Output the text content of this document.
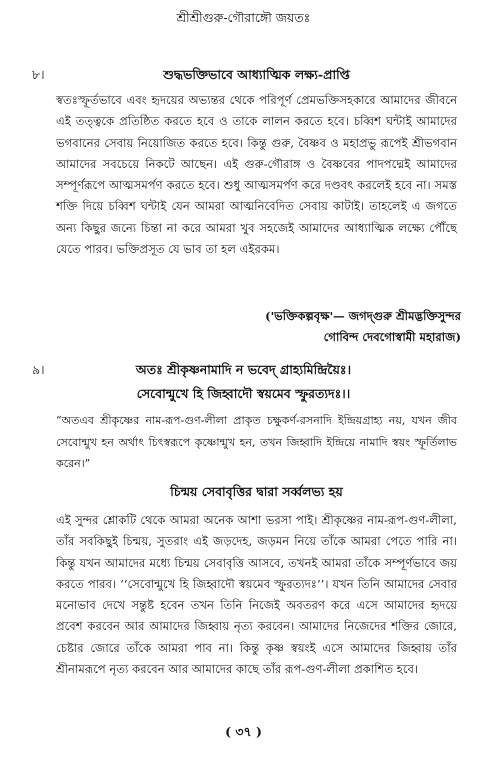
শ্রীশ্রীগুরু-গৌরাঙ্গৌ জয়তঃ
৮।	শুদ্ধভক্তিভাবে আধ্যাত্মিক লক্ষ্য-প্রাপ্তি

স্বতঃস্ফূর্তভাবে এবং হৃদয়ের অভ্যন্তর থেকে পরিপূর্ণ প্রেমভক্তিসহকারে আমাদের জীবনে এই তত্ত্বকে প্রতিষ্ঠিত করতে হবে ও তাকে লালন করতে হবে। চব্বিশ ঘন্টাই আমাদের ভগবানের সেবায় নিয়োজিত করতে হবে। কিন্তু গুরু, বৈষ্ণব ও মহাপ্রভু রূপেই শ্রীভগবান আমাদের সবচেয়ে নিকটে আছেন। এই গুরু-গৌরাঙ্গ ও বৈষ্ণবের পাদপদ্মেই আমাদের সম্পূর্ণরূপে আত্মসমর্পণ করতে হবে। শুধু আত্মসমর্পণ করে দণ্ডবৎ করলেই হবে না। সমস্ত শক্তি দিয়ে চব্বিশ ঘন্টাই যেন আমরা আত্মনিবেদিত সেবায় কাটাই। তাহলেই এ জগতে অন্য কিছুর জন্যে চিন্তা না করে আমরা খুব সহজেই আমাদের আধ্যাত্মিক লক্ষ্যে পৌঁছে যেতে পারব। ভক্তিপ্রসূত যে ভাব তা হল এইরকম।

('ভক্তিকল্পবৃক্ষ'— জগদ্গুরু শ্রীমদ্ভক্তিসুন্দর
গোবিন্দ দেবগোস্বামী মহারাজ)
৯।	অতঃ শ্রীকৃষ্ণনামাদি ন ভবেদ্ গ্রাহ্যমিন্দ্রিয়ৈঃ।
সেবোন্মুখে হি জিহ্বাদৌ স্বয়মেব স্ফুরত্যদঃ।।
“অতএব শ্রীকৃষ্ণের নাম-রূপ-গুণ-লীলা প্রাকৃত চক্ষুকর্ণ-রসনাদি ইন্দ্রিয়গ্রাহ্য নয়, যখন জীব সেবোন্মুখ হন অর্থাৎ চিৎস্বরূপে কৃষ্ণোন্মুখ হন, তখন জিহ্বাদি ইন্দ্রিয়ে নামাদি স্বয়ং স্ফূর্তিলাভ করেন।”
চিন্ময় সেবাবৃত্তির দ্বারা সর্ব্বলভ্য হয়

এই সুন্দর শ্লোকটি থেকে আমরা অনেক আশা ভরসা পাই। শ্রীকৃষ্ণের নাম-রূপ-গুণ-লীলা, তাঁর সবকিছুই চিন্ময়, সুতরাং এই জড়দেহ, জড়মন নিয়ে তাঁকে আমরা পেতে পারি না। কিন্তু যখন আমাদের মধ্যে চিন্ময় সেবাবৃত্তি আসবে, তখনই আমরা তাঁকে সম্পূর্ণভাবে জয় করতে পারব। ‘‘সেবোন্মুখে হি জিহ্বাদৌ স্বয়মেব স্ফুরত্যদঃ’’। যখন তিনি আমাদের সেবার মনোভাব দেখে সন্তুষ্ট হবেন তখন তিনি নিজেই অবতরণ করে এসে আমাদের হৃদয়ে প্রবেশ করবেন আর আমাদের জিহ্বায় নৃত্য করবেন। আমাদের নিজেদের শক্তির জোরে, চেষ্টার জোরে তাঁকে আমরা পাব না। কিন্তু কৃষ্ণ স্বয়ংই এসে আমাদের জিহ্বায় তাঁর শ্রীনামরূপে নৃত্য করবেন আর আমাদের কাছে তাঁর রূপ-গুণ-লীলা প্রকাশিত হবে।

( ৩৭ )
